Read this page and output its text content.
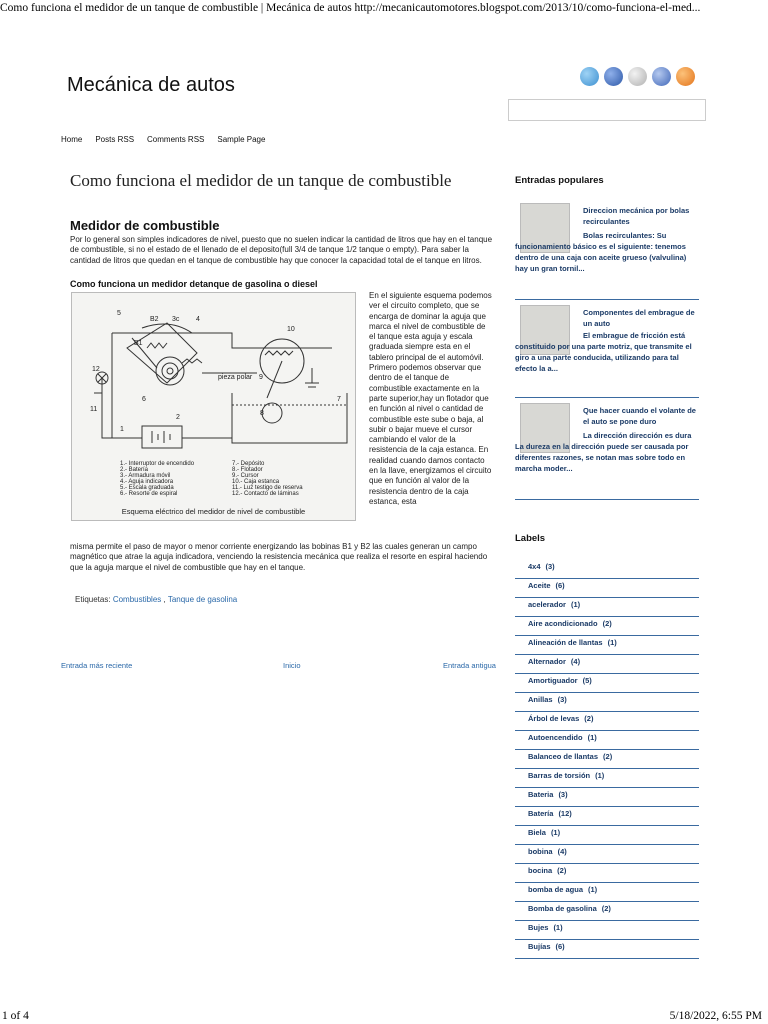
Como funciona el medidor de un tanque de combustible | Mecánica de autos http://mecanicautomotores.blogspot.com/2013/10/como-funciona-el-med...
Mecánica de autos
Home Posts RSS Comments RSS Sample Page
Como funciona el medidor de un tanque de combustible
Medidor de combustible
Por lo general son simples indicadores de nivel, puesto que no suelen indicar la cantidad de litros que hay en el tanque de combustible, si no el estado de el llenado de el deposito(full 3/4 de tanque 1/2 tanque o empty). Para saber la cantidad de litros que quedan en el tanque de combustible hay que conocer la capacidad total de el tanque en litros.
Como funciona un medidor detanque de gasolina o diesel
5
B2 3c 4
10
B1
12
6
11
1
2
7
9
8
pieza polar
1.- Interruptor de encendido
2.- Batería
3.- Armadura móvil
4.- Aguja indicadora
5.- Escala graduada
6.- Resorte de espiral
7.- Depósito
8.- Flotador
9.- Cursor
10.- Caja estanca
11.- Luz testigo de reserva
12.- Contacto de láminas
Esquema eléctrico del medidor de nivel de combustible
En el siguiente esquema podemos ver el circuito completo, que se encarga de dominar la aguja que marca el nivel de combustible de el tanque esta aguja y escala graduada siempre esta en el tablero principal de el automóvil. Primero podemos observar que dentro de el tanque de combustible exactamente en la parte superior,hay un flotador que en función al nivel o cantidad de combustible este sube o baja, al subir o bajar mueve el cursor cambiando el valor de la resistencia de la caja estanca. En realidad cuando damos contacto en la llave, energizamos el circuito que en función al valor de la resistencia dentro de la caja estanca, esta
misma permite el paso de mayor o menor corriente energizando las bobinas B1 y B2 las cuales generan un campo magnético que atrae la aguja indicadora, venciendo la resistencia mecánica que realiza el resorte en espiral haciendo que la aguja marque el nivel de combustible que hay en el tanque.
Etiquetas: Combustibles , Tanque de gasolina
Entrada más reciente	Inicio	Entrada antigua
Entradas populares
Direccion mecánica por bolas recirculantes
Bolas recirculantes: Su funcionamiento básico es el siguiente: tenemos dentro de una caja con aceite grueso (valvulina) hay un gran tornil...
Componentes del embrague de un auto
El embrague de fricción está constituido por una parte motriz, que transmite el giro a una parte conducida, utilizando para tal efecto la a...
Que hacer cuando el volante de el auto se pone duro
La dirección dirección es dura La dureza en la dirección puede ser causada por diferentes razones, se notan mas sobre todo en marcha moder...
Labels
4x4 (3)
Aceite (6)
acelerador (1)
Aire acondicionado (2)
Alineación de llantas (1)
Alternador (4)
Amortiguador (5)
Anillas (3)
Árbol de levas (2)
Autoencendido (1)
Balanceo de llantas (2)
Barras de torsión (1)
Bateria (3)
Batería (12)
Biela (1)
bobina (4)
bocina (2)
bomba de agua (1)
Bomba de gasolina (2)
Bujes (1)
Bujías (6)
1 of 4	5/18/2022, 6:55 PM
